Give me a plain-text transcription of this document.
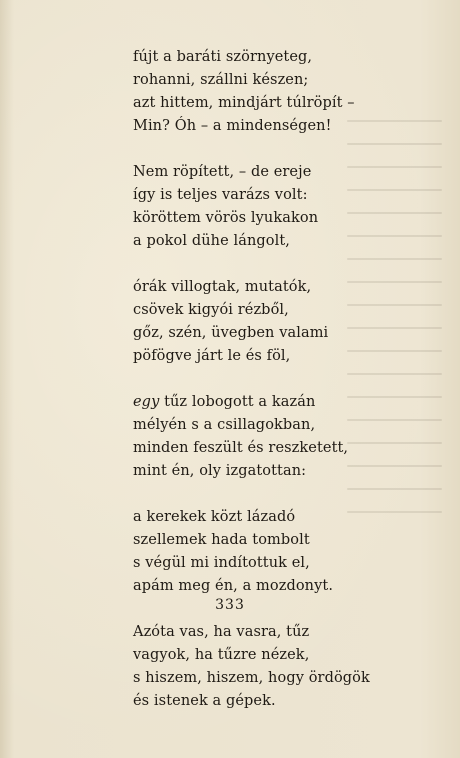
fújt a baráti szörnyeteg,
rohanni, szállni készen;
azt hittem, mindjárt túlröpít –
Min? Óh – a mindenségen!
Nem röpített, – de ereje
így is teljes varázs volt:
köröttem vörös lyukakon
a pokol dühe lángolt,
órák villogtak, mutatók,
csövek kigyói rézből,
gőz, szén, üvegben valami
pöfögve járt le és föl,
egy tűz lobogott a kazán
mélyén s a csillagokban,
minden feszült és reszketett,
mint én, oly izgatottan:
a kerekek közt lázadó
szellemek hada tombolt
s végül mi indítottuk el,
apám meg én, a mozdonyt.
Azóta vas, ha vasra, tűz
vagyok, ha tűzre nézek,
s hiszem, hiszem, hogy ördögök
és istenek a gépek.
333
